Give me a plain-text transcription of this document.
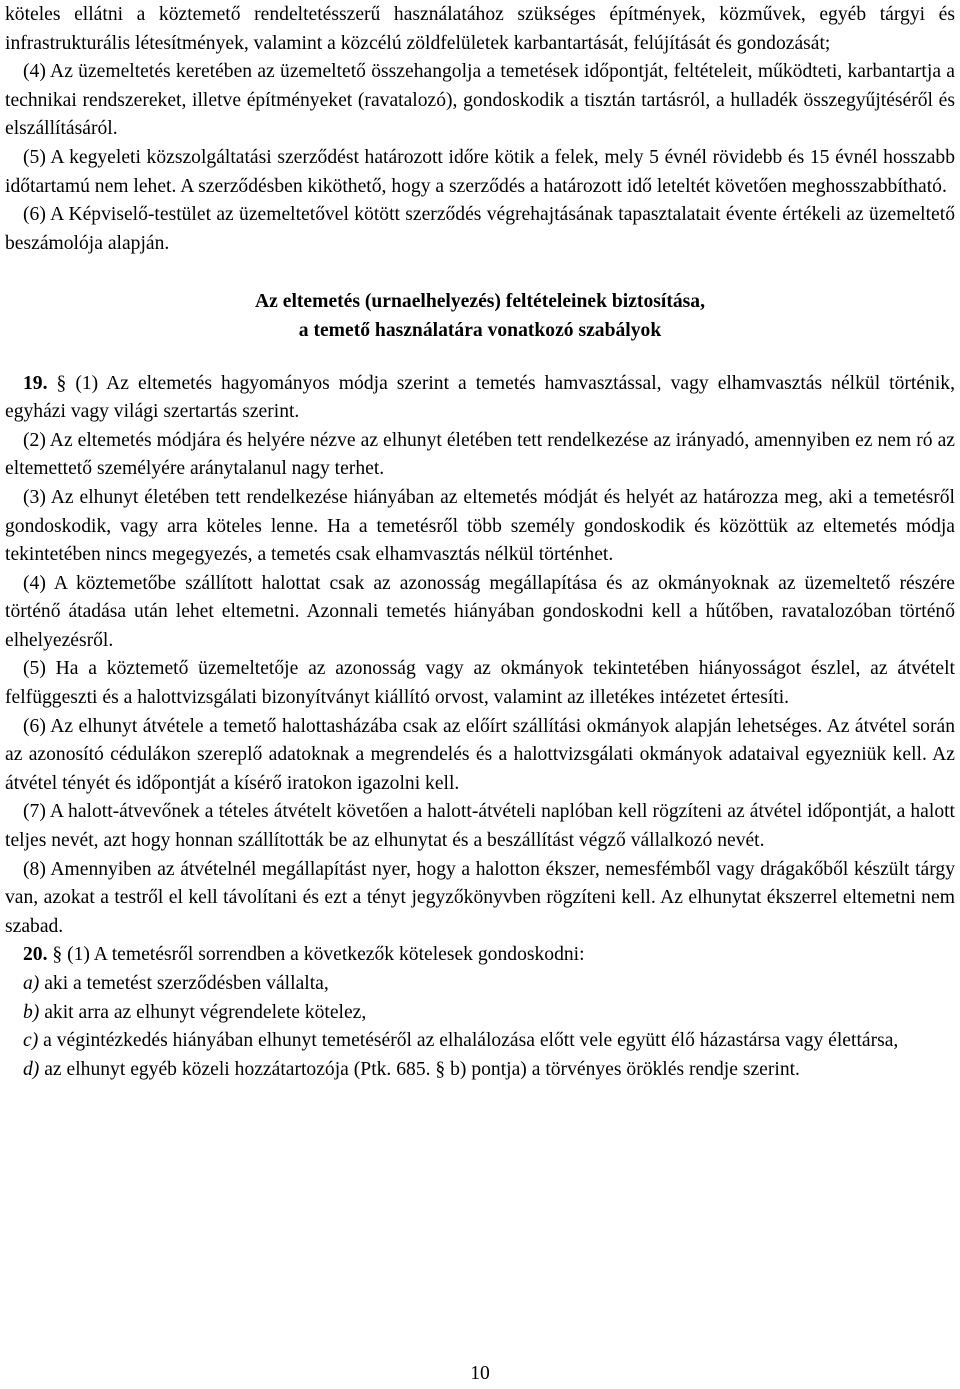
köteles ellátni a köztemető rendeltetésszerű használatához szükséges építmények, közművek, egyéb tárgyi és infrastrukturális létesítmények, valamint a közcélú zöldfelületek karbantartását, felújítását és gondozását;

(4) Az üzemeltetés keretében az üzemeltető összehangolja a temetések időpontját, feltételeit, működteti, karbantartja a technikai rendszereket, illetve építményeket (ravatalozó), gondoskodik a tisztán tartásról, a hulladék összegyűjtéséről és elszállításáról.

(5) A kegyeleti közszolgáltatási szerződést határozott időre kötik a felek, mely 5 évnél rövidebb és 15 évnél hosszabb időtartamú nem lehet. A szerződésben kiköthető, hogy a szerződés a határozott idő leteltét követően meghosszabbítható.

(6) A Képviselő-testület az üzemeltetővel kötött szerződés végrehajtásának tapasztalatait évente értékeli az üzemeltető beszámolója alapján.

Az eltemetés (urnaelhelyezés) feltételeinek biztosítása,
a temető használatára vonatkozó szabályok

19. § (1) Az eltemetés hagyományos módja szerint a temetés hamvasztással, vagy elhamvasztás nélkül történik, egyházi vagy világi szertartás szerint.

(2) Az eltemetés módjára és helyére nézve az elhunyt életében tett rendelkezése az irányadó, amennyiben ez nem ró az eltemettető személyére aránytalanul nagy terhet.

(3) Az elhunyt életében tett rendelkezése hiányában az eltemetés módját és helyét az határozza meg, aki a temetésről gondoskodik, vagy arra köteles lenne. Ha a temetésről több személy gondoskodik és közöttük az eltemetés módja tekintetében nincs megegyezés, a temetés csak elhamvasztás nélkül történhet.

(4) A köztemetőbe szállított halottat csak az azonosság megállapítása és az okmányoknak az üzemeltető részére történő átadása után lehet eltemetni. Azonnali temetés hiányában gondoskodni kell a hűtőben, ravatalozóban történő elhelyezésről.

(5) Ha a köztemető üzemeltetője az azonosság vagy az okmányok tekintetében hiányosságot észlel, az átvételt felfüggeszti és a halottvizsgálati bizonyítványt kiállító orvost, valamint az illetékes intézetet értesíti.

(6) Az elhunyt átvétele a temető halottasházába csak az előírt szállítási okmányok alapján lehetséges. Az átvétel során az azonosító cédulákon szereplő adatoknak a megrendelés és a halottvizsgálati okmányok adataival egyezniük kell. Az átvétel tényét és időpontját a kísérő iratokon igazolni kell.

(7) A halott-átvevőnek a tételes átvételt követően a halott-átvételi naplóban kell rögzíteni az átvétel időpontját, a halott teljes nevét, azt hogy honnan szállították be az elhunytat és a beszállítást végző vállalkozó nevét.

(8) Amennyiben az átvételnél megállapítást nyer, hogy a halotton ékszer, nemesfémből vagy drágakőből készült tárgy van, azokat a testről el kell távolítani és ezt a tényt jegyzőkönyvben rögzíteni kell. Az elhunytat ékszerrel eltemetni nem szabad.

20. § (1) A temetésről sorrendben a következők kötelesek gondoskodni:

a) aki a temetést szerződésben vállalta,

b) akit arra az elhunyt végrendelete kötelez,

c) a végintézkedés hiányában elhunyt temetéséről az elhalálozása előtt vele együtt élő házastársa vagy élettársa,

d) az elhunyt egyéb közeli hozzátartozója (Ptk. 685. § b) pontja) a törvényes öröklés rendje szerint.

10
